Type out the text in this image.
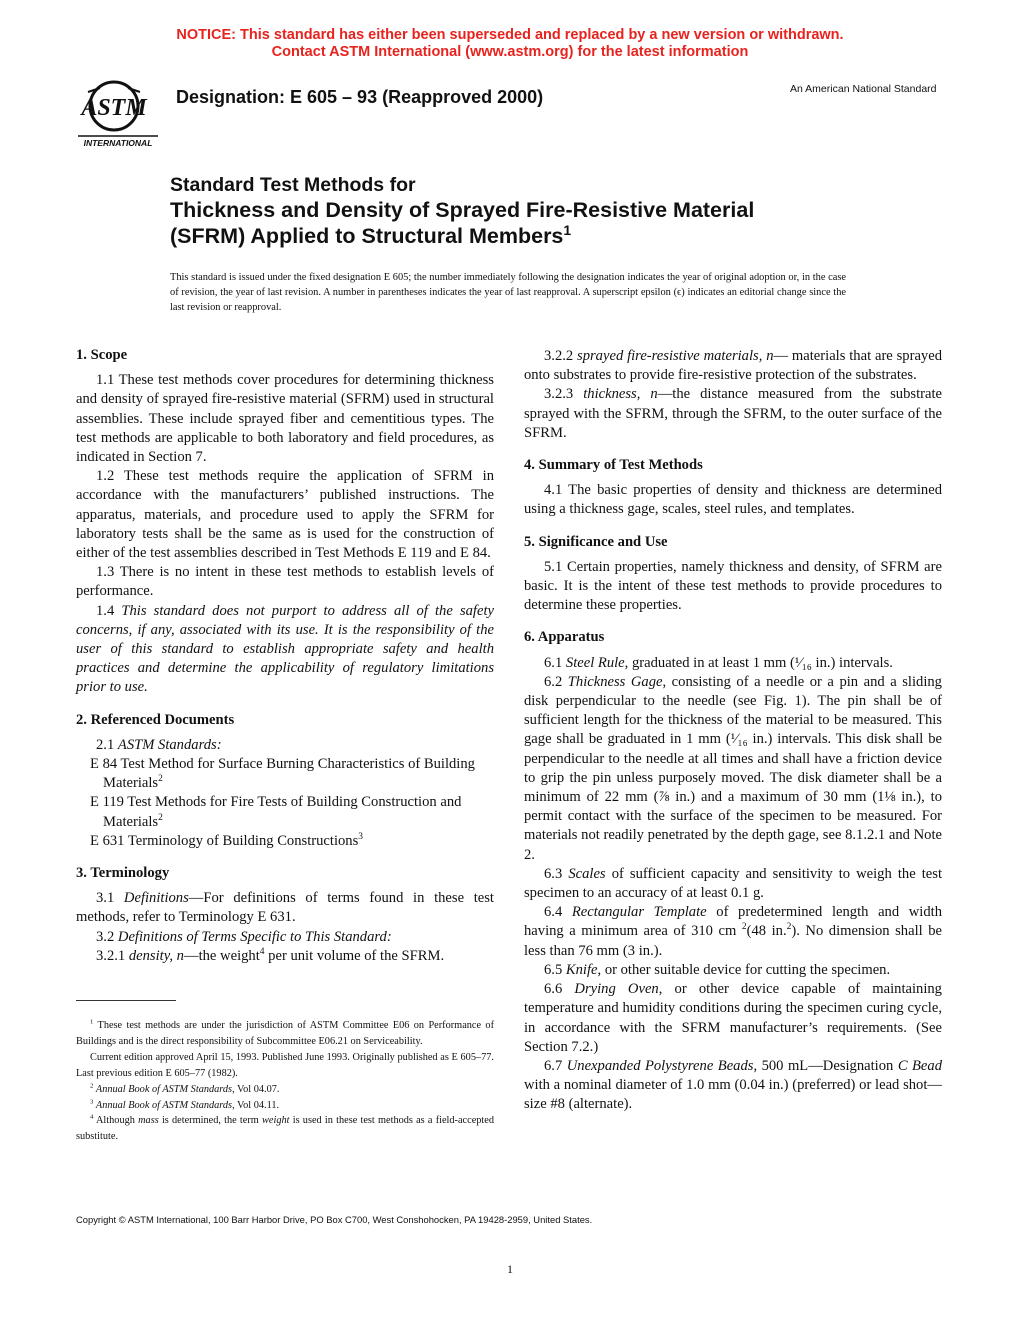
NOTICE: This standard has either been superseded and replaced by a new version or withdrawn.
Contact ASTM International (www.astm.org) for the latest information
ASTM
INTERNATIONAL
Designation: E 605 – 93 (Reapproved 2000)	An American National Standard
Standard Test Methods for
Thickness and Density of Sprayed Fire-Resistive Material
(SFRM) Applied to Structural Members$^1$
This standard is issued under the fixed designation E 605; the number immediately following the designation indicates the year of original adoption or, in the case of revision, the year of last revision. A number in parentheses indicates the year of last reapproval. A superscript epsilon (ϵ) indicates an editorial change since the last revision or reapproval.
1. Scope

1.1 These test methods cover procedures for determining thickness and density of sprayed fire-resistive material (SFRM) used in structural assemblies. These include sprayed fiber and cementitious types. The test methods are applicable to both laboratory and field procedures, as indicated in Section 7.

1.2 These test methods require the application of SFRM in accordance with the manufacturers’ published instructions. The apparatus, materials, and procedure used to apply the SFRM for laboratory tests shall be the same as is used for the construction of either of the test assemblies described in Test Methods E 119 and E 84.

1.3 There is no intent in these test methods to establish levels of performance.

1.4 This standard does not purport to address all of the safety concerns, if any, associated with its use. It is the responsibility of the user of this standard to establish appropriate safety and health practices and determine the applicability of regulatory limitations prior to use.

2. Referenced Documents

2.1 ASTM Standards:

E 84 Test Method for Surface Burning Characteristics of Building Materials$^2$

E 119 Test Methods for Fire Tests of Building Construction and Materials$^2$

E 631 Terminology of Building Constructions$^3$

3. Terminology

3.1 Definitions—For definitions of terms found in these test methods, refer to Terminology E 631.

3.2 Definitions of Terms Specific to This Standard:

3.2.1 density, n—the weight$^4$ per unit volume of the SFRM.

3.2.2 sprayed fire-resistive materials, n— materials that are sprayed onto substrates to provide fire-resistive protection of the substrates.

3.2.3 thickness, n—the distance measured from the substrate sprayed with the SFRM, through the SFRM, to the outer surface of the SFRM.

4. Summary of Test Methods

4.1 The basic properties of density and thickness are determined using a thickness gage, scales, steel rules, and templates.

5. Significance and Use

5.1 Certain properties, namely thickness and density, of SFRM are basic. It is the intent of these test methods to provide procedures to determine these properties.

6. Apparatus

6.1 Steel Rule, graduated in at least 1 mm (¹⁄₁₆ in.) intervals.

6.2 Thickness Gage, consisting of a needle or a pin and a sliding disk perpendicular to the needle (see Fig. 1). The pin shall be of sufficient length for the thickness of the material to be measured. This gage shall be graduated in 1 mm (¹⁄₁₆ in.) intervals. This disk shall be perpendicular to the needle at all times and shall have a friction device to grip the pin unless purposely moved. The disk diameter shall be a minimum of 22 mm (⅞ in.) and a maximum of 30 mm (1⅛ in.), to permit contact with the surface of the specimen to be measured. For materials not readily penetrated by the depth gage, see 8.1.2.1 and Note 2.

6.3 Scales of sufficient capacity and sensitivity to weigh the test specimen to an accuracy of at least 0.1 g.

6.4 Rectangular Template of predetermined length and width having a minimum area of 310 cm $^2$(48 in.$^2$). No dimension shall be less than 76 mm (3 in.).

6.5 Knife, or other suitable device for cutting the specimen.

6.6 Drying Oven, or other device capable of maintaining temperature and humidity conditions during the specimen curing cycle, in accordance with the SFRM manufacturer’s requirements. (See Section 7.2.)

6.7 Unexpanded Polystyrene Beads, 500 mL—Designation C Bead with a nominal diameter of 1.0 mm (0.04 in.) (preferred) or lead shot—size #8 (alternate).

$^1$ These test methods are under the jurisdiction of ASTM Committee E06 on Performance of Buildings and is the direct responsibility of Subcommittee E06.21 on Serviceability.

Current edition approved April 15, 1993. Published June 1993. Originally published as E 605–77. Last previous edition E 605–77 (1982).

$^2$ Annual Book of ASTM Standards, Vol 04.07.

$^3$ Annual Book of ASTM Standards, Vol 04.11.

$^4$ Although mass is determined, the term weight is used in these test methods as a field-accepted substitute.

Copyright © ASTM International, 100 Barr Harbor Drive, PO Box C700, West Conshohocken, PA 19428-2959, United States.
1
